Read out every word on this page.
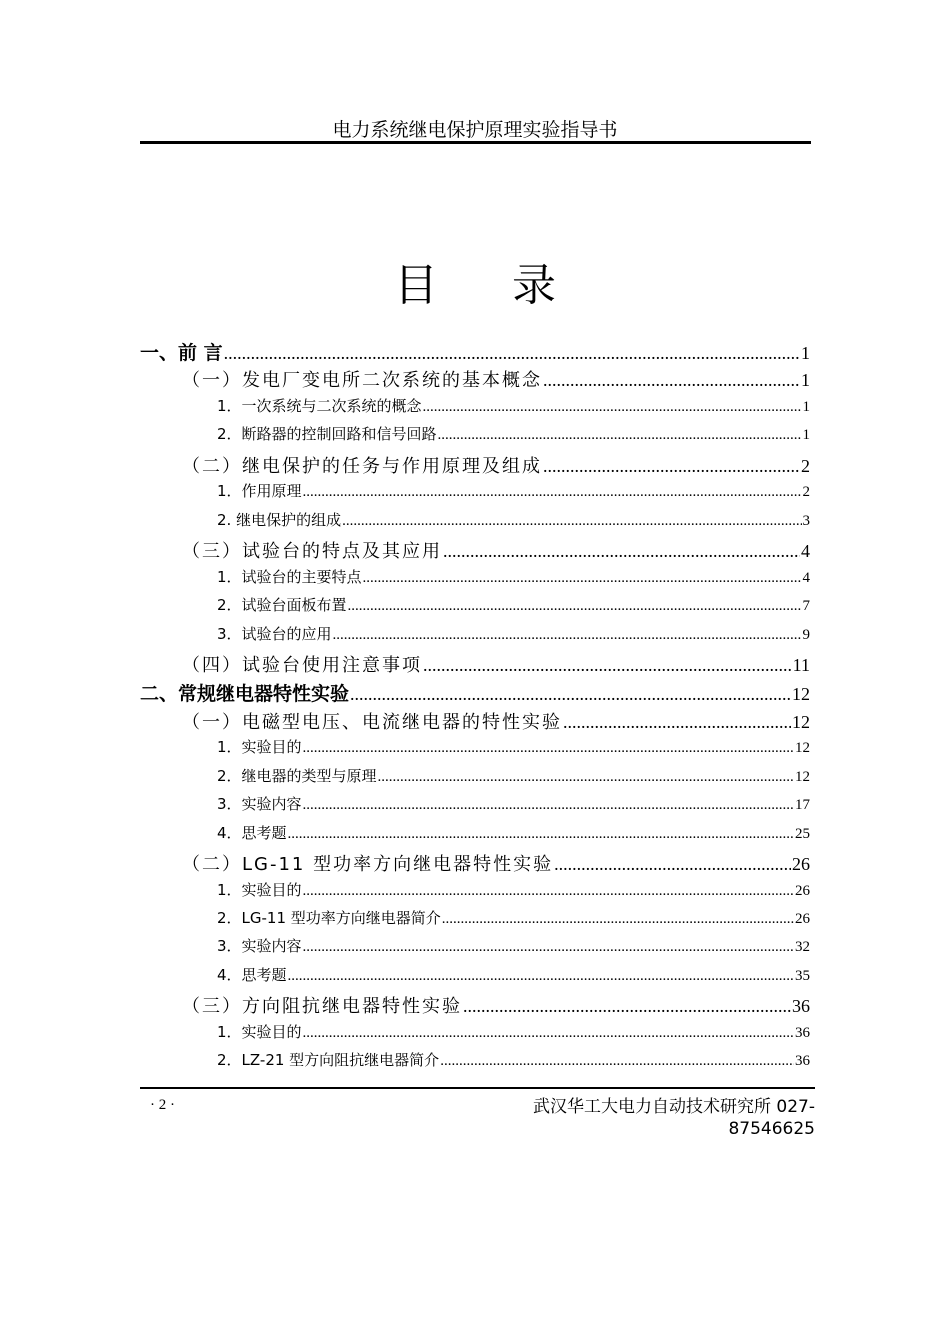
电力系统继电保护原理实验指导书
目 录
一、前 言 .....	1
（一）发电厂变电所二次系统的基本概念 .....	1
1．一次系统与二次系统的概念 .....	1
2．断路器的控制回路和信号回路 .....	1
（二）继电保护的任务与作用原理及组成 .....	2
1．作用原理 .....	2
2. 继电保护的组成 .....	3
（三）试验台的特点及其应用 .....	4
1．试验台的主要特点 .....	4
2．试验台面板布置 .....	7
3．试验台的应用 .....	9
（四）试验台使用注意事项 .....	11
二、常规继电器特性实验 .....	12
（一）电磁型电压、电流继电器的特性实验 .....	12
1．实验目的 .....	12
2．继电器的类型与原理 .....	12
3．实验内容 .....	17
4．思考题 .....	25
（二）LG-11 型功率方向继电器特性实验 .....	26
1．实验目的 .....	26
2．LG-11 型功率方向继电器简介 .....	26
3．实验内容 .....	32
4．思考题 .....	35
（三）方向阻抗继电器特性实验 .....	36
1．实验目的 .....	36
2．LZ-21 型方向阻抗继电器简介 .....	36
· 2 ·	武汉华工大电力自动技术研究所 027-87546625
